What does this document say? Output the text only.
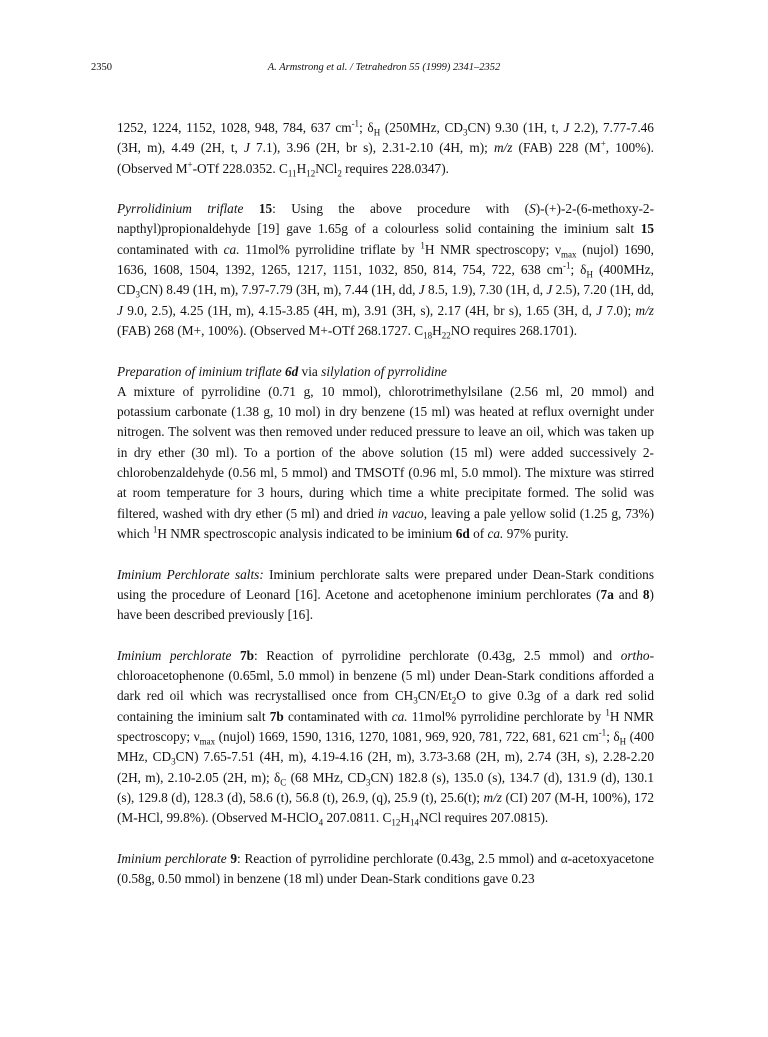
2350	A. Armstrong et al. / Tetrahedron 55 (1999) 2341–2352

1252, 1224, 1152, 1028, 948, 784, 637 $cm^{-1}$; $\delta_H$ (250MHz, $CD_3CN$) 9.30 (1H, t, J 2.2), 7.77-7.46 (3H, m), 4.49 (2H, t, J 7.1), 3.96 (2H, br s), 2.31-2.10 (4H, m); m/z (FAB) 228 (M+, 100%). (Observed M+-OTf 228.0352. $C_{11}H_{12}NCl_2$ requires 228.0347).

Pyrrolidinium triflate 15: Using the above procedure with (S)-(+)-2-(6-methoxy-2-napthyl)propionaldehyde [19] gave 1.65g of a colourless solid containing the iminium salt 15 contaminated with ca. 11mol% pyrrolidine triflate by $^1$H NMR spectroscopy; $\nu_{max}$ (nujol) 1690, 1636, 1608, 1504, 1392, 1265, 1217, 1151, 1032, 850, 814, 754, 722, 638 $cm^{-1}$; $\delta_H$ (400MHz, $CD_3CN$) 8.49 (1H, m), 7.97-7.79 (3H, m), 7.44 (1H, dd, J 8.5, 1.9), 7.30 (1H, d, J 2.5), 7.20 (1H, dd, J 9.0, 2.5), 4.25 (1H, m), 4.15-3.85 (4H, m), 3.91 (3H, s), 2.17 (4H, br s), 1.65 (3H, d, J 7.0); m/z (FAB) 268 (M+, 100%). (Observed M+-OTf 268.1727. $C_{18}H_{22}NO$ requires 268.1701).

Preparation of iminium triflate 6d via silylation of pyrrolidine

A mixture of pyrrolidine (0.71 g, 10 mmol), chlorotrimethylsilane (2.56 ml, 20 mmol) and potassium carbonate (1.38 g, 10 mol) in dry benzene (15 ml) was heated at reflux overnight under nitrogen. The solvent was then removed under reduced pressure to leave an oil, which was taken up in dry ether (30 ml). To a portion of the above solution (15 ml) were added successively 2-chlorobenzaldehyde (0.56 ml, 5 mmol) and TMSOTf (0.96 ml, 5.0 mmol). The mixture was stirred at room temperature for 3 hours, during which time a white precipitate formed. The solid was filtered, washed with dry ether (5 ml) and dried in vacuo, leaving a pale yellow solid (1.25 g, 73%) which $^1$H NMR spectroscopic analysis indicated to be iminium 6d of ca. 97% purity.

Iminium Perchlorate salts: Iminium perchlorate salts were prepared under Dean-Stark conditions using the procedure of Leonard [16]. Acetone and acetophenone iminium perchlorates (7a and 8) have been described previously [16].

Iminium perchlorate 7b: Reaction of pyrrolidine perchlorate (0.43g, 2.5 mmol) and ortho-chloroacetophenone (0.65ml, 5.0 mmol) in benzene (5 ml) under Dean-Stark conditions afforded a dark red oil which was recrystallised once from $CH_3CN/Et_2O$ to give 0.3g of a dark red solid containing the iminium salt 7b contaminated with ca. 11mol% pyrrolidine perchlorate by $^1$H NMR spectroscopy; $\nu_{max}$ (nujol) 1669, 1590, 1316, 1270, 1081, 969, 920, 781, 722, 681, 621 $cm^{-1}$; $\delta_H$ (400 MHz, $CD_3CN$) 7.65-7.51 (4H, m), 4.19-4.16 (2H, m), 3.73-3.68 (2H, m), 2.74 (3H, s), 2.28-2.20 (2H, m), 2.10-2.05 (2H, m); $\delta_C$ (68 MHz, $CD_3CN$) 182.8 (s), 135.0 (s), 134.7 (d), 131.9 (d), 130.1 (s), 129.8 (d), 128.3 (d), 58.6 (t), 56.8 (t), 26.9, (q), 25.9 (t), 25.6(t); m/z (CI) 207 (M-H, 100%), 172 (M-HCl, 99.8%). (Observed M-HClO$_4$ 207.0811. $C_{12}H_{14}NCl$ requires 207.0815).

Iminium perchlorate 9: Reaction of pyrrolidine perchlorate (0.43g, 2.5 mmol) and α-acetoxyacetone (0.58g, 0.50 mmol) in benzene (18 ml) under Dean-Stark conditions gave 0.23
